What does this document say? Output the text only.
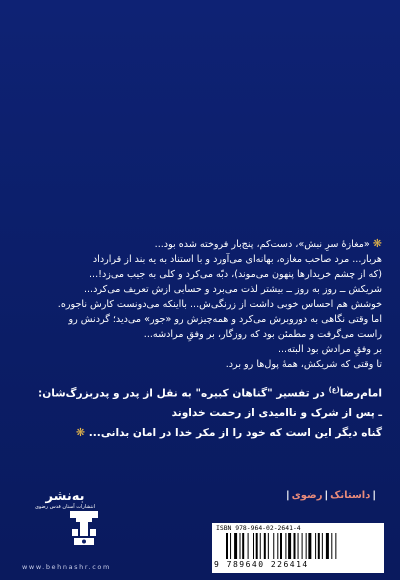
❋ «مغازهٔ سرِ نبش»، دست‌کم، پنج‌بار فروخته شده بود...

هربار... مرد صاحب مغازه، بهانه‌ای می‌آورد و با استناد به یه بند از قرارداد

(که از چشم خریدارها پنهون می‌موند)، دبّه می‌کرد و کلی به جیب می‌زد!...

شریکش ــ روز به روز ــ بیشتر لذت می‌برد و حسابی ازش تعریف می‌کرد...

خوشش هم احساس خوبی داشت از زرنگی‌ش... بااینکه می‌دونست کارش ناجوره.

اما وقتی نگاهی به دوروبرش می‌کرد و همه‌چیزش رو «جور» می‌دید؛ گردنش رو

راست می‌گرفت و مطمئن بود که روزگار، بر وفقِ مرادشه...

بر وفقِ مرادش بود البته...

تا وقتی که شریکش، همهٔ پول‌ها رو برد.

امام‌رضا$^{(ع)}$ در تفسیر "گناهان کبیره" به نقل از پدر و پدربزرگ‌شان:

ـ پس از شرک و ناامیدی از رحمت خداوند

گناه دیگر این است که خود را از مکر خدا در امان بدانی... ❋

|داستانک|رضوی|
به‌نشر
انتشارات آستان قدس رضوی
ISBN 978-964-02-2641-4
9 789640 226414
www.behnashr.com
